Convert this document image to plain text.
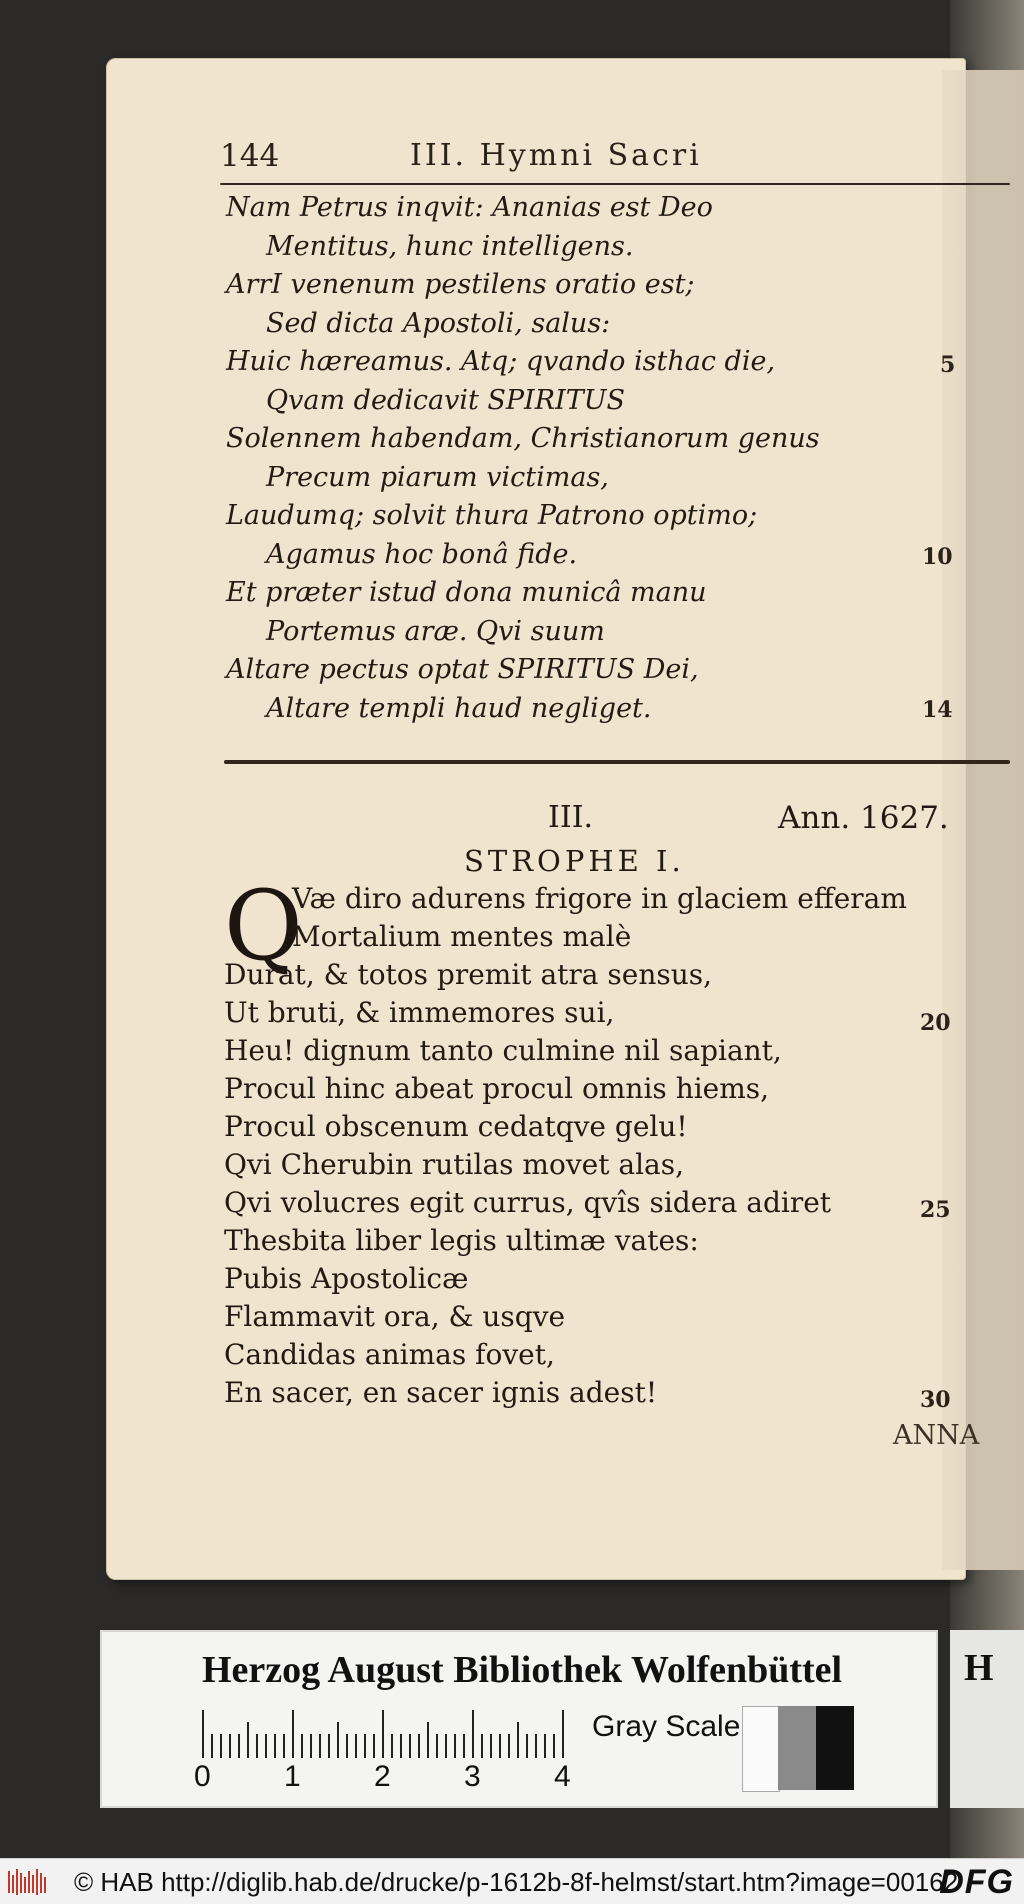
144	III. Hymni Sacri
Nam Petrus inqvit: Ananias est Deo
Mentitus, hunc intelligens.
ArrI venenum pestilens oratio est;
Sed dicta Apostoli, salus:
Huic hæreamus. Atq; qvando isthac die,
Qvam dedicavit SPIRITUS
Solennem habendam, Christianorum genus
Precum piarum victimas,
Laudumq; solvit thura Patrono optimo;
Agamus hoc bonâ fide.
Et præter istud dona municâ manu
Portemus aræ. Qvi suum
Altare pectus optat SPIRITUS Dei,
Altare templi haud negliget.
5
10
14
III.	Ann. 1627.
STROPHE I.
Q
Væ diro adurens frigore in glaciem efferam
Mortalium mentes malè
Durat, & totos premit atra sensus,
Ut bruti, & immemores sui,
Heu! dignum tanto culmine nil sapiant,
Procul hinc abeat procul omnis hiems,
Procul obscenum cedatqve gelu!
Qvi Cherubin rutilas movet alas,
Qvi volucres egit currus, qvîs sidera adiret
Thesbita liber legis ultimæ vates:
Pubis Apostolicæ
Flammavit ora, & usqve
Candidas animas fovet,
En sacer, en sacer ignis adest!
20
25
30
ANNA
Herzog August Bibliothek Wolfenbüttel
0 1 2 3 4
Gray Scale
H
© HAB http://diglib.hab.de/drucke/p-1612b-8f-helmst/start.htm?image=00162
DFG
